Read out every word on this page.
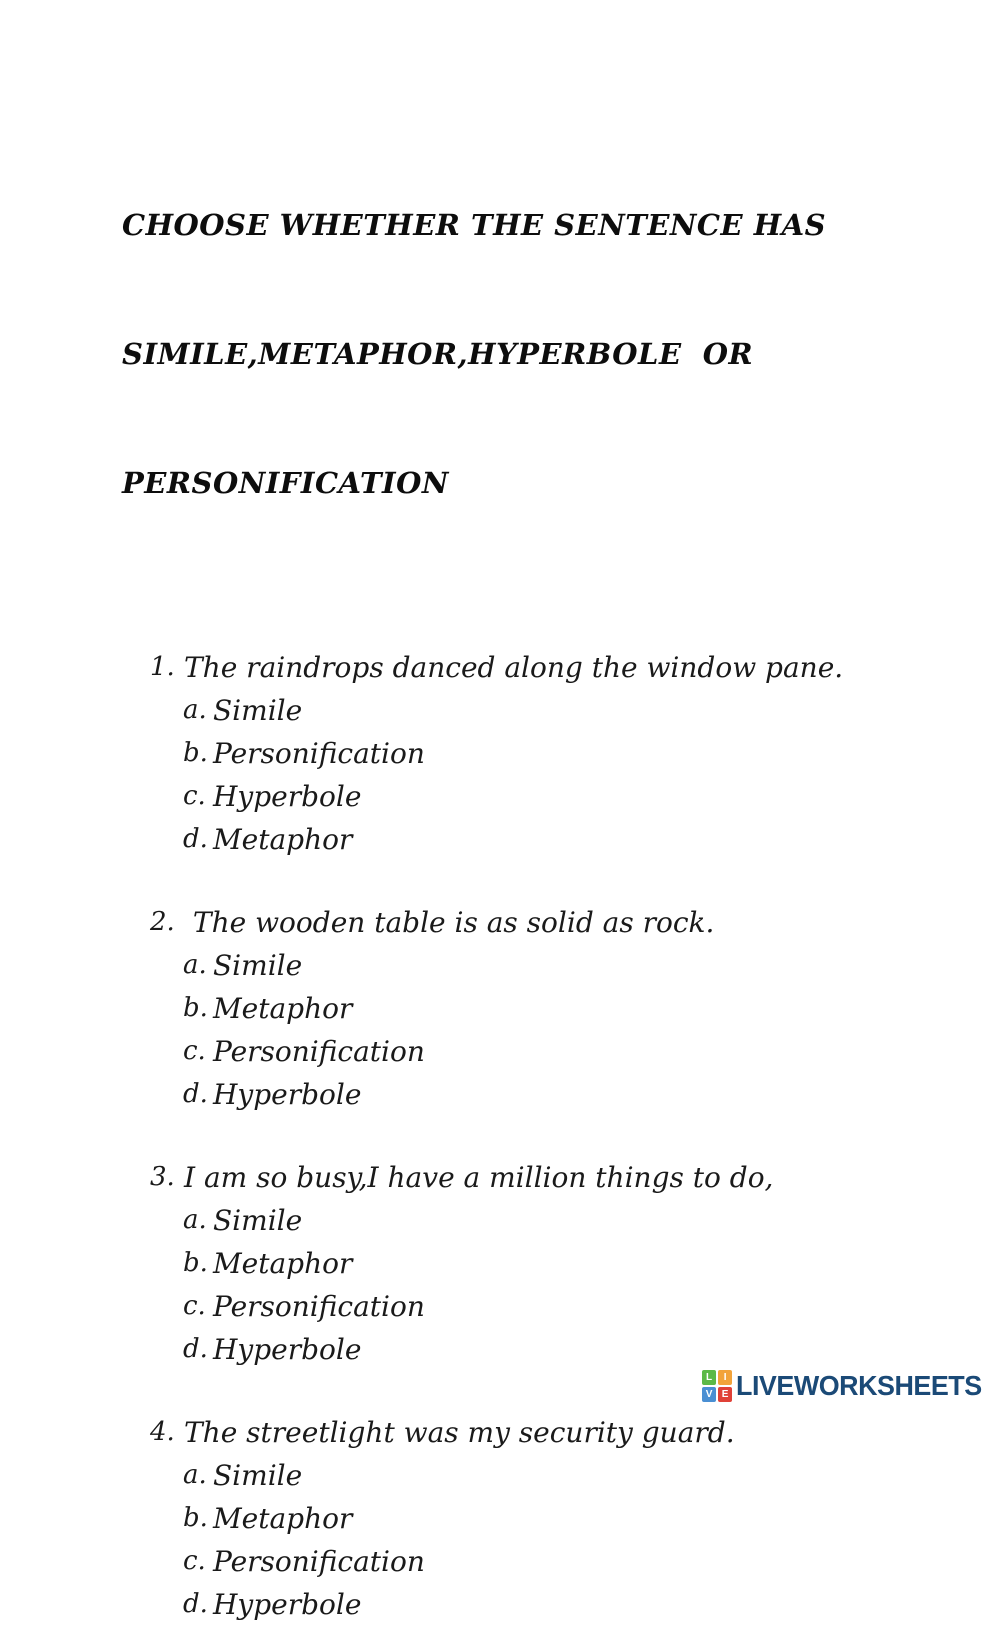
CHOOSE WHETHER THE SENTENCE HAS

SIMILE,METAPHOR,HYPERBOLE  OR

PERSONIFICATION

1. The raindrops danced along the window pane.
a. Simile
b. Personification
c. Hyperbole
d. Metaphor
2. The wooden table is as solid as rock.
a. Simile
b. Metaphor
c. Personification
d. Hyperbole
3. I am so busy,I have a million things to do,
a. Simile
b. Metaphor
c. Personification
d. Hyperbole
4. The streetlight was my security guard.
a. Simile
b. Metaphor
c. Personification
d. Hyperbole
L	I
V E LIVEWORKSHEETS
